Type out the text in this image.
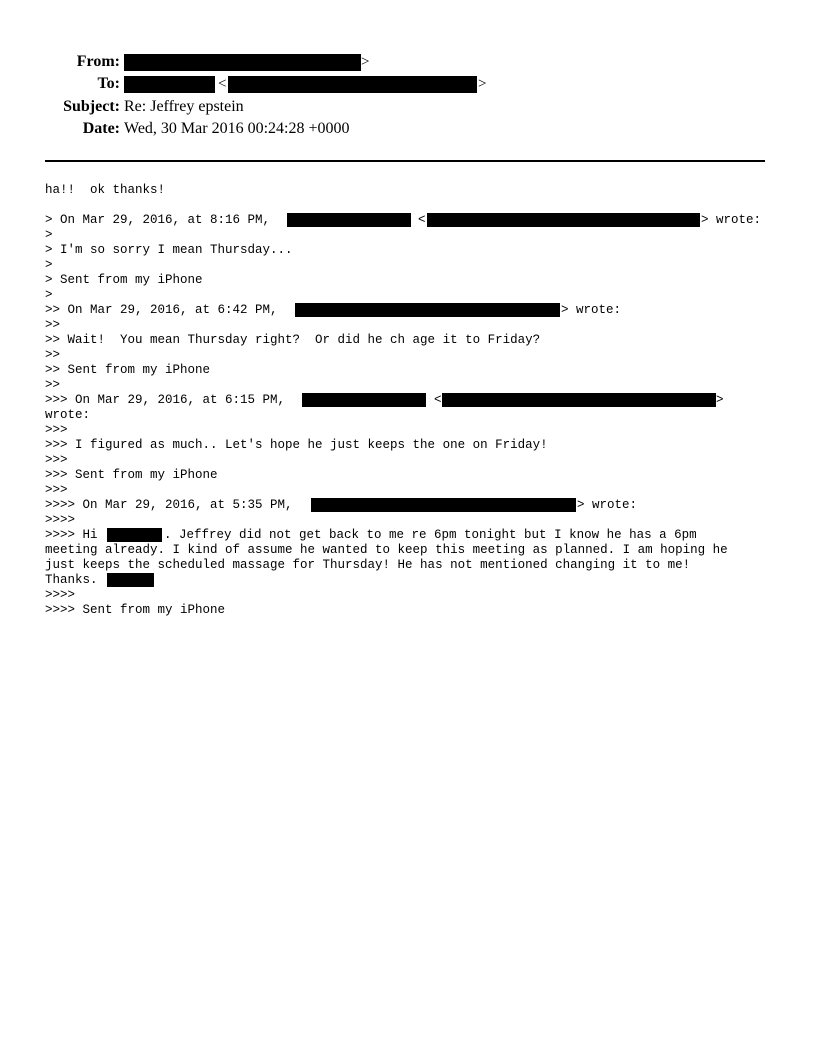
From:	>
To:	<	>
Subject: Re: Jeffrey epstein
Date: Wed, 30 Mar 2016 00:24:28 +0000
ha!!  ok thanks!
> On Mar 29, 2016, at 8:16 PM,	<	> wrote:
>
> I'm so sorry I mean Thursday...
>
> Sent from my iPhone
>
>> On Mar 29, 2016, at 6:42 PM,	> wrote:
>>
>> Wait!  You mean Thursday right?  Or did he ch age it to Friday?
>>
>> Sent from my iPhone
>>
>>> On Mar 29, 2016, at 6:15 PM,	<	>
wrote:
>>>
>>> I figured as much.. Let's hope he just keeps the one on Friday!
>>>
>>> Sent from my iPhone
>>>
>>>> On Mar 29, 2016, at 5:35 PM,	> wrote:
>>>>
>>>> Hi	. Jeffrey did not get back to me re 6pm tonight but I know he has a 6pm
meeting already. I kind of assume he wanted to keep this meeting as planned. I am hoping he
just keeps the scheduled massage for Thursday! He has not mentioned changing it to me!
Thanks.
>>>>
>>>> Sent from my iPhone
